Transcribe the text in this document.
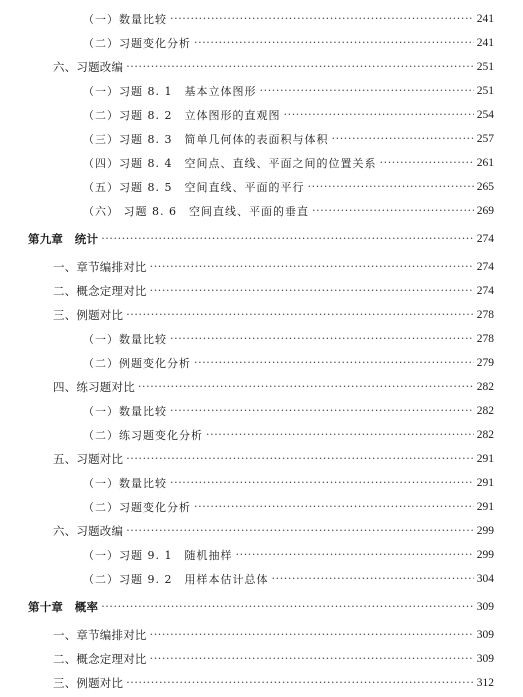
（一）数量比较 ·····	241
（二）习题变化分析 ·····	241
六、习题改编 ·····	251
（一）习题 8. 1　基本立体图形 ·····	251
（二）习题 8. 2　立体图形的直观图 ·····	254
（三）习题 8. 3　简单几何体的表面积与体积 ·····	257
（四）习题 8. 4　空间点、直线、平面之间的位置关系 ·····	261
（五）习题 8. 5　空间直线、平面的平行 ·····	265
（六） 习题 8. 6　空间直线、平面的垂直 ·····	269
第九章　统计 ·····	274
一、章节编排对比 ·····	274
二、概念定理对比 ·····	274
三、例题对比 ·····	278
（一）数量比较 ·····	278
（二）例题变化分析 ·····	279
四、练习题对比 ·····	282
（一）数量比较 ·····	282
（二）练习题变化分析 ·····	282
五、习题对比 ·····	291
（一）数量比较 ·····	291
（二）习题变化分析 ·····	291
六、习题改编 ·····	299
（一）习题 9. 1　随机抽样 ·····	299
（二）习题 9. 2　用样本估计总体 ·····	304
第十章　概率 ·····	309
一、章节编排对比 ·····	309
二、概念定理对比 ·····	309
三、例题对比 ·····	312
